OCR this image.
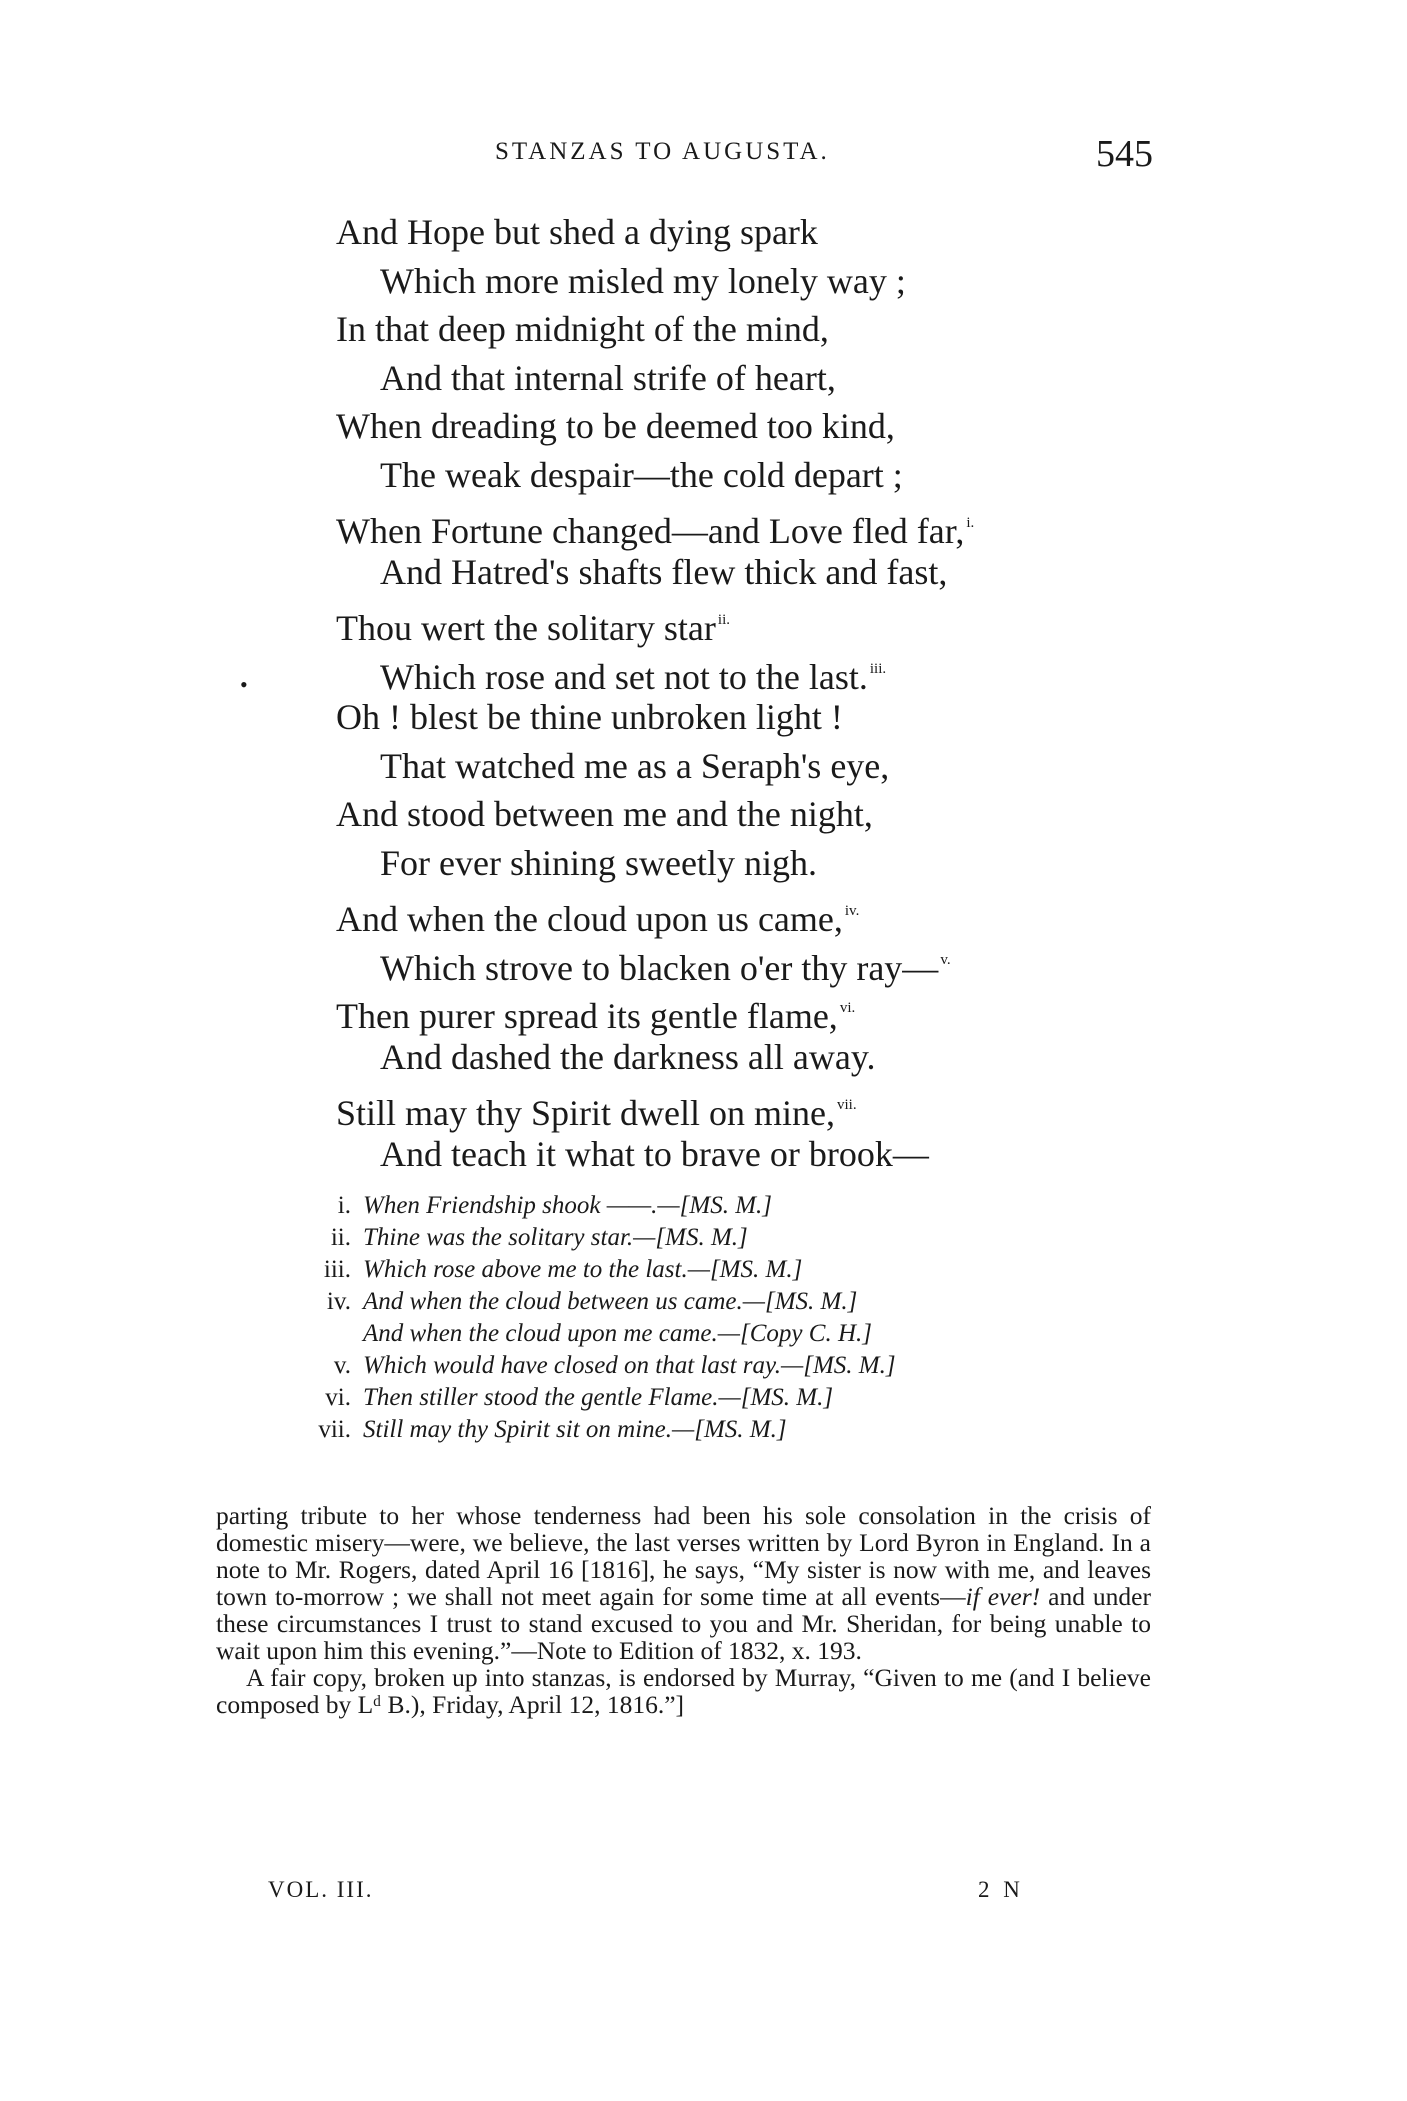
STANZAS TO AUGUSTA.	545
•
And Hope but shed a dying spark
Which more misled my lonely way ;
In that deep midnight of the mind,
And that internal strife of heart,
When dreading to be deemed too kind,
The weak despair—the cold depart ;
When Fortune changed—and Love fled far, $^{i.}$
And Hatred's shafts flew thick and fast,
Thou wert the solitary star $^{ii.}$
Which rose and set not to the last. $^{iii.}$
Oh ! blest be thine unbroken light !
That watched me as a Seraph's eye,
And stood between me and the night,
For ever shining sweetly nigh.
And when the cloud upon us came, $^{iv.}$
Which strove to blacken o'er thy ray— $^{v.}$
Then purer spread its gentle flame, $^{vi.}$
And dashed the darkness all away.
Still may thy Spirit dwell on mine, $^{vii.}$
And teach it what to brave or brook—
i. When Friendship shook ——.—[MS. M.]
ii. Thine was the solitary star.—[MS. M.]
iii. Which rose above me to the last.—[MS. M.]
iv. And when the cloud between us came.—[MS. M.]
And when the cloud upon me came.—[Copy C. H.]
v. Which would have closed on that last ray.—[MS. M.]
vi. Then stiller stood the gentle Flame.—[MS. M.]
vii. Still may thy Spirit sit on mine.—[MS. M.]

parting tribute to her whose tenderness had been his sole consolation in the crisis of domestic misery—were, we believe, the last verses written by Lord Byron in England. In a note to Mr. Rogers, dated April 16 [1816], he says, “My sister is now with me, and leaves town to-morrow ; we shall not meet again for some time at all events—if ever! and under these circumstances I trust to stand excused to you and Mr. Sheridan, for being unable to wait upon him this evening.”—Note to Edition of 1832, x. 193.

A fair copy, broken up into stanzas, is endorsed by Murray, “Given to me (and I believe composed by Lᵈ B.), Friday, April 12, 1816.”]

VOL. III.	2 N
